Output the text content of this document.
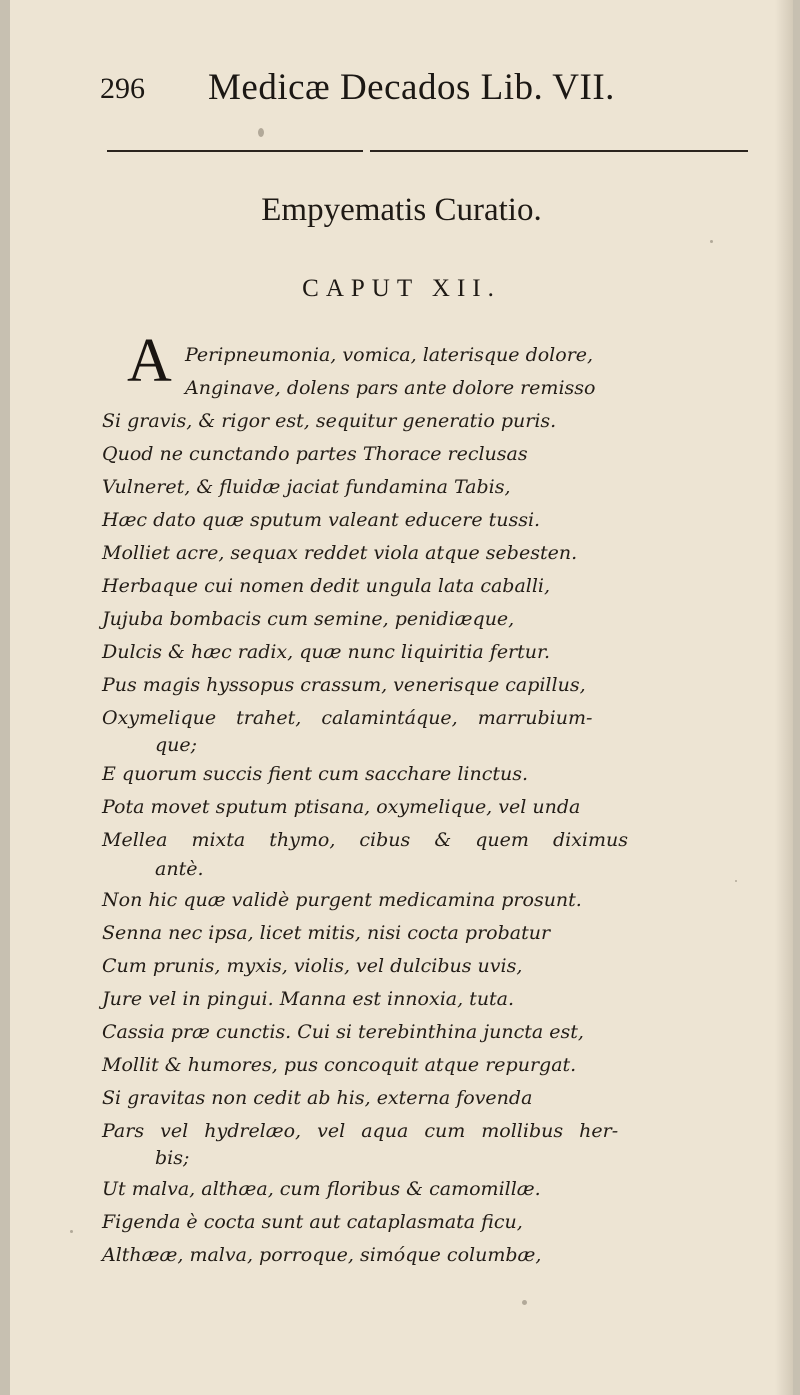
296 Medicæ Decados Lib. VII.
Empyematis Curatio.
CAPUT XII.
A Peripneumonia, vomica, laterisque dolore,
Anginave, dolens pars ante dolore remisso
Si gravis, & rigor est, sequitur generatio puris.
Quod ne cunctando partes Thorace reclusas
Vulneret, & fluidæ jaciat fundamina Tabis,
Hæc dato quæ sputum valeant educere tussi.
Molliet acre, sequax reddet viola atque sebesten.
Herbaque cui nomen dedit ungula lata caballi,
Jujuba bombacis cum semine, penidiæque,
Dulcis & hæc radix, quæ nunc liquiritia fertur.
Pus magis hyssopus crassum, venerisque capillus,
Oxymelique trahet, calamintáque, marrubium-
que;
E quorum succis fient cum sacchare linctus.
Pota movet sputum ptisana, oxymelique, vel unda
Mellea mixta thymo, cibus & quem diximus
antè.
Non hic quæ validè purgent medicamina prosunt.
Senna nec ipsa, licet mitis, nisi cocta probatur
Cum prunis, myxis, violis, vel dulcibus uvis,
Jure vel in pingui. Manna est innoxia, tuta.
Cassia præ cunctis. Cui si terebinthina juncta est,
Mollit & humores, pus concoquit atque repurgat.
Si gravitas non cedit ab his, externa fovenda
Pars vel hydrelæo, vel aqua cum mollibus her-
bis;
Ut malva, althæa, cum floribus & camomillæ.
Figenda è cocta sunt aut cataplasmata ficu,
Althææ, malva, porroque, simóque columbæ,
